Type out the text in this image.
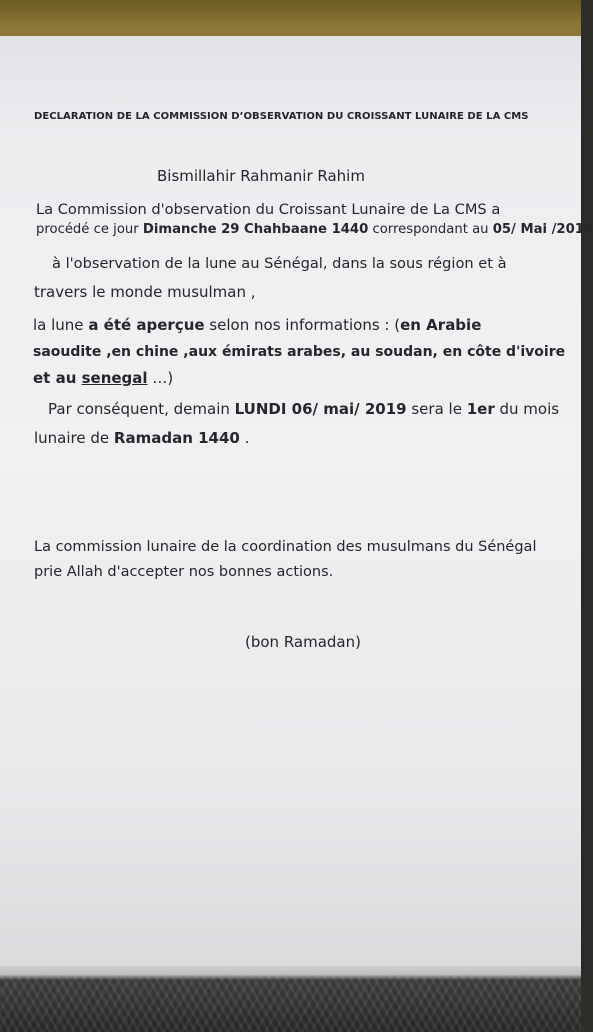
DECLARATION DE LA COMMISSION D’OBSERVATION DU CROISSANT LUNAIRE DE LA CMS
Bismillahir Rahmanir Rahim
La Commission d'observation du Croissant Lunaire de La CMS a
procédé ce jour Dimanche 29 Chahbaane 1440 correspondant au 05/ Mai /2019
à l'observation de la lune au Sénégal, dans la sous région et à
travers le monde musulman ,
la lune a été aperçue selon nos informations : (en Arabie
saoudite ,en chine ,aux émirats arabes, au soudan, en côte d'ivoire
et au senegal …)
Par conséquent, demain LUNDI 06/ mai/ 2019 sera le 1er du mois
lunaire de Ramadan 1440 .
La commission lunaire de la coordination des musulmans du Sénégal
prie Allah d'accepter nos bonnes actions.
(bon Ramadan)
